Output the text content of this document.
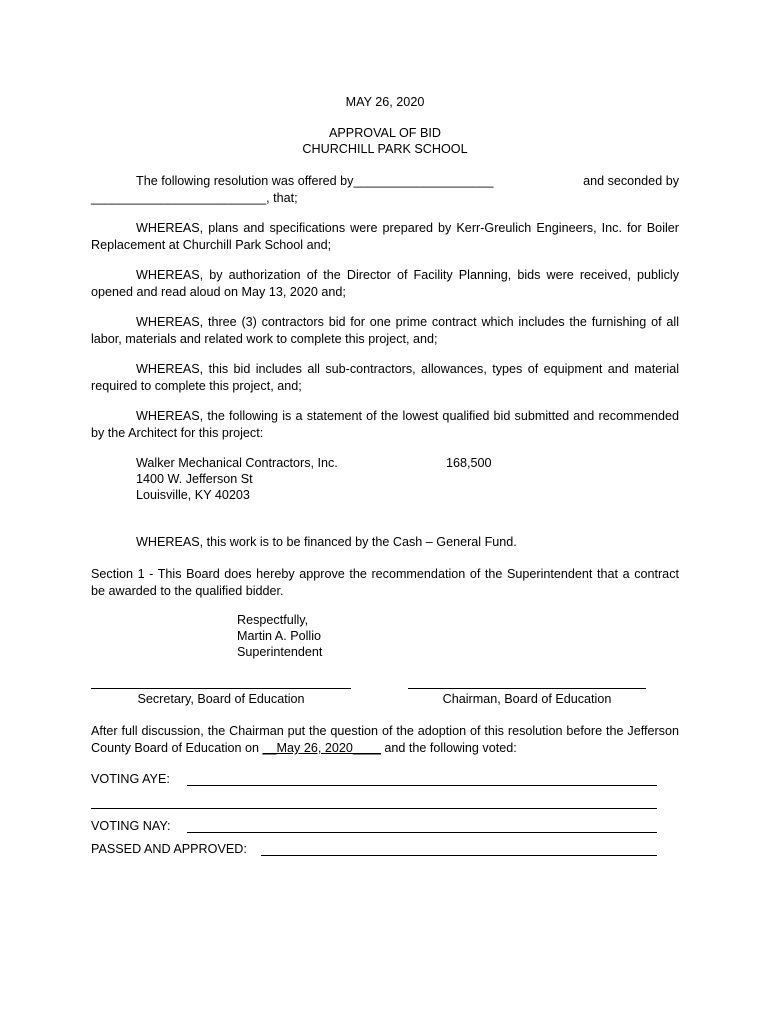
MAY 26, 2020
APPROVAL OF BID
CHURCHILL PARK SCHOOL
The following resolution was offered by____________________	and seconded by
_________________________, that;
WHEREAS, plans and specifications were prepared by Kerr-Greulich Engineers, Inc. for Boiler Replacement at Churchill Park School and;
WHEREAS, by authorization of the Director of Facility Planning, bids were received, publicly opened and read aloud on May 13, 2020 and;
WHEREAS, three (3) contractors bid for one prime contract which includes the furnishing of all labor, materials and related work to complete this project, and;
WHEREAS, this bid includes all sub-contractors, allowances, types of equipment and material required to complete this project, and;
WHEREAS, the following is a statement of the lowest qualified bid submitted and recommended by the Architect for this project:
Walker Mechanical Contractors, Inc.	168,500
1400 W. Jefferson St
Louisville, KY 40203
WHEREAS, this work is to be financed by the Cash – General Fund.
Section 1 - This Board does hereby approve the recommendation of the Superintendent that a contract be awarded to the qualified bidder.
Respectfully,
Martin A. Pollio
Superintendent
Secretary, Board of Education	Chairman, Board of Education
After full discussion, the Chairman put the question of the adoption of this resolution before the Jefferson County Board of Education on __May 26, 2020____ and the following voted:
VOTING AYE:
VOTING NAY:
PASSED AND APPROVED:
